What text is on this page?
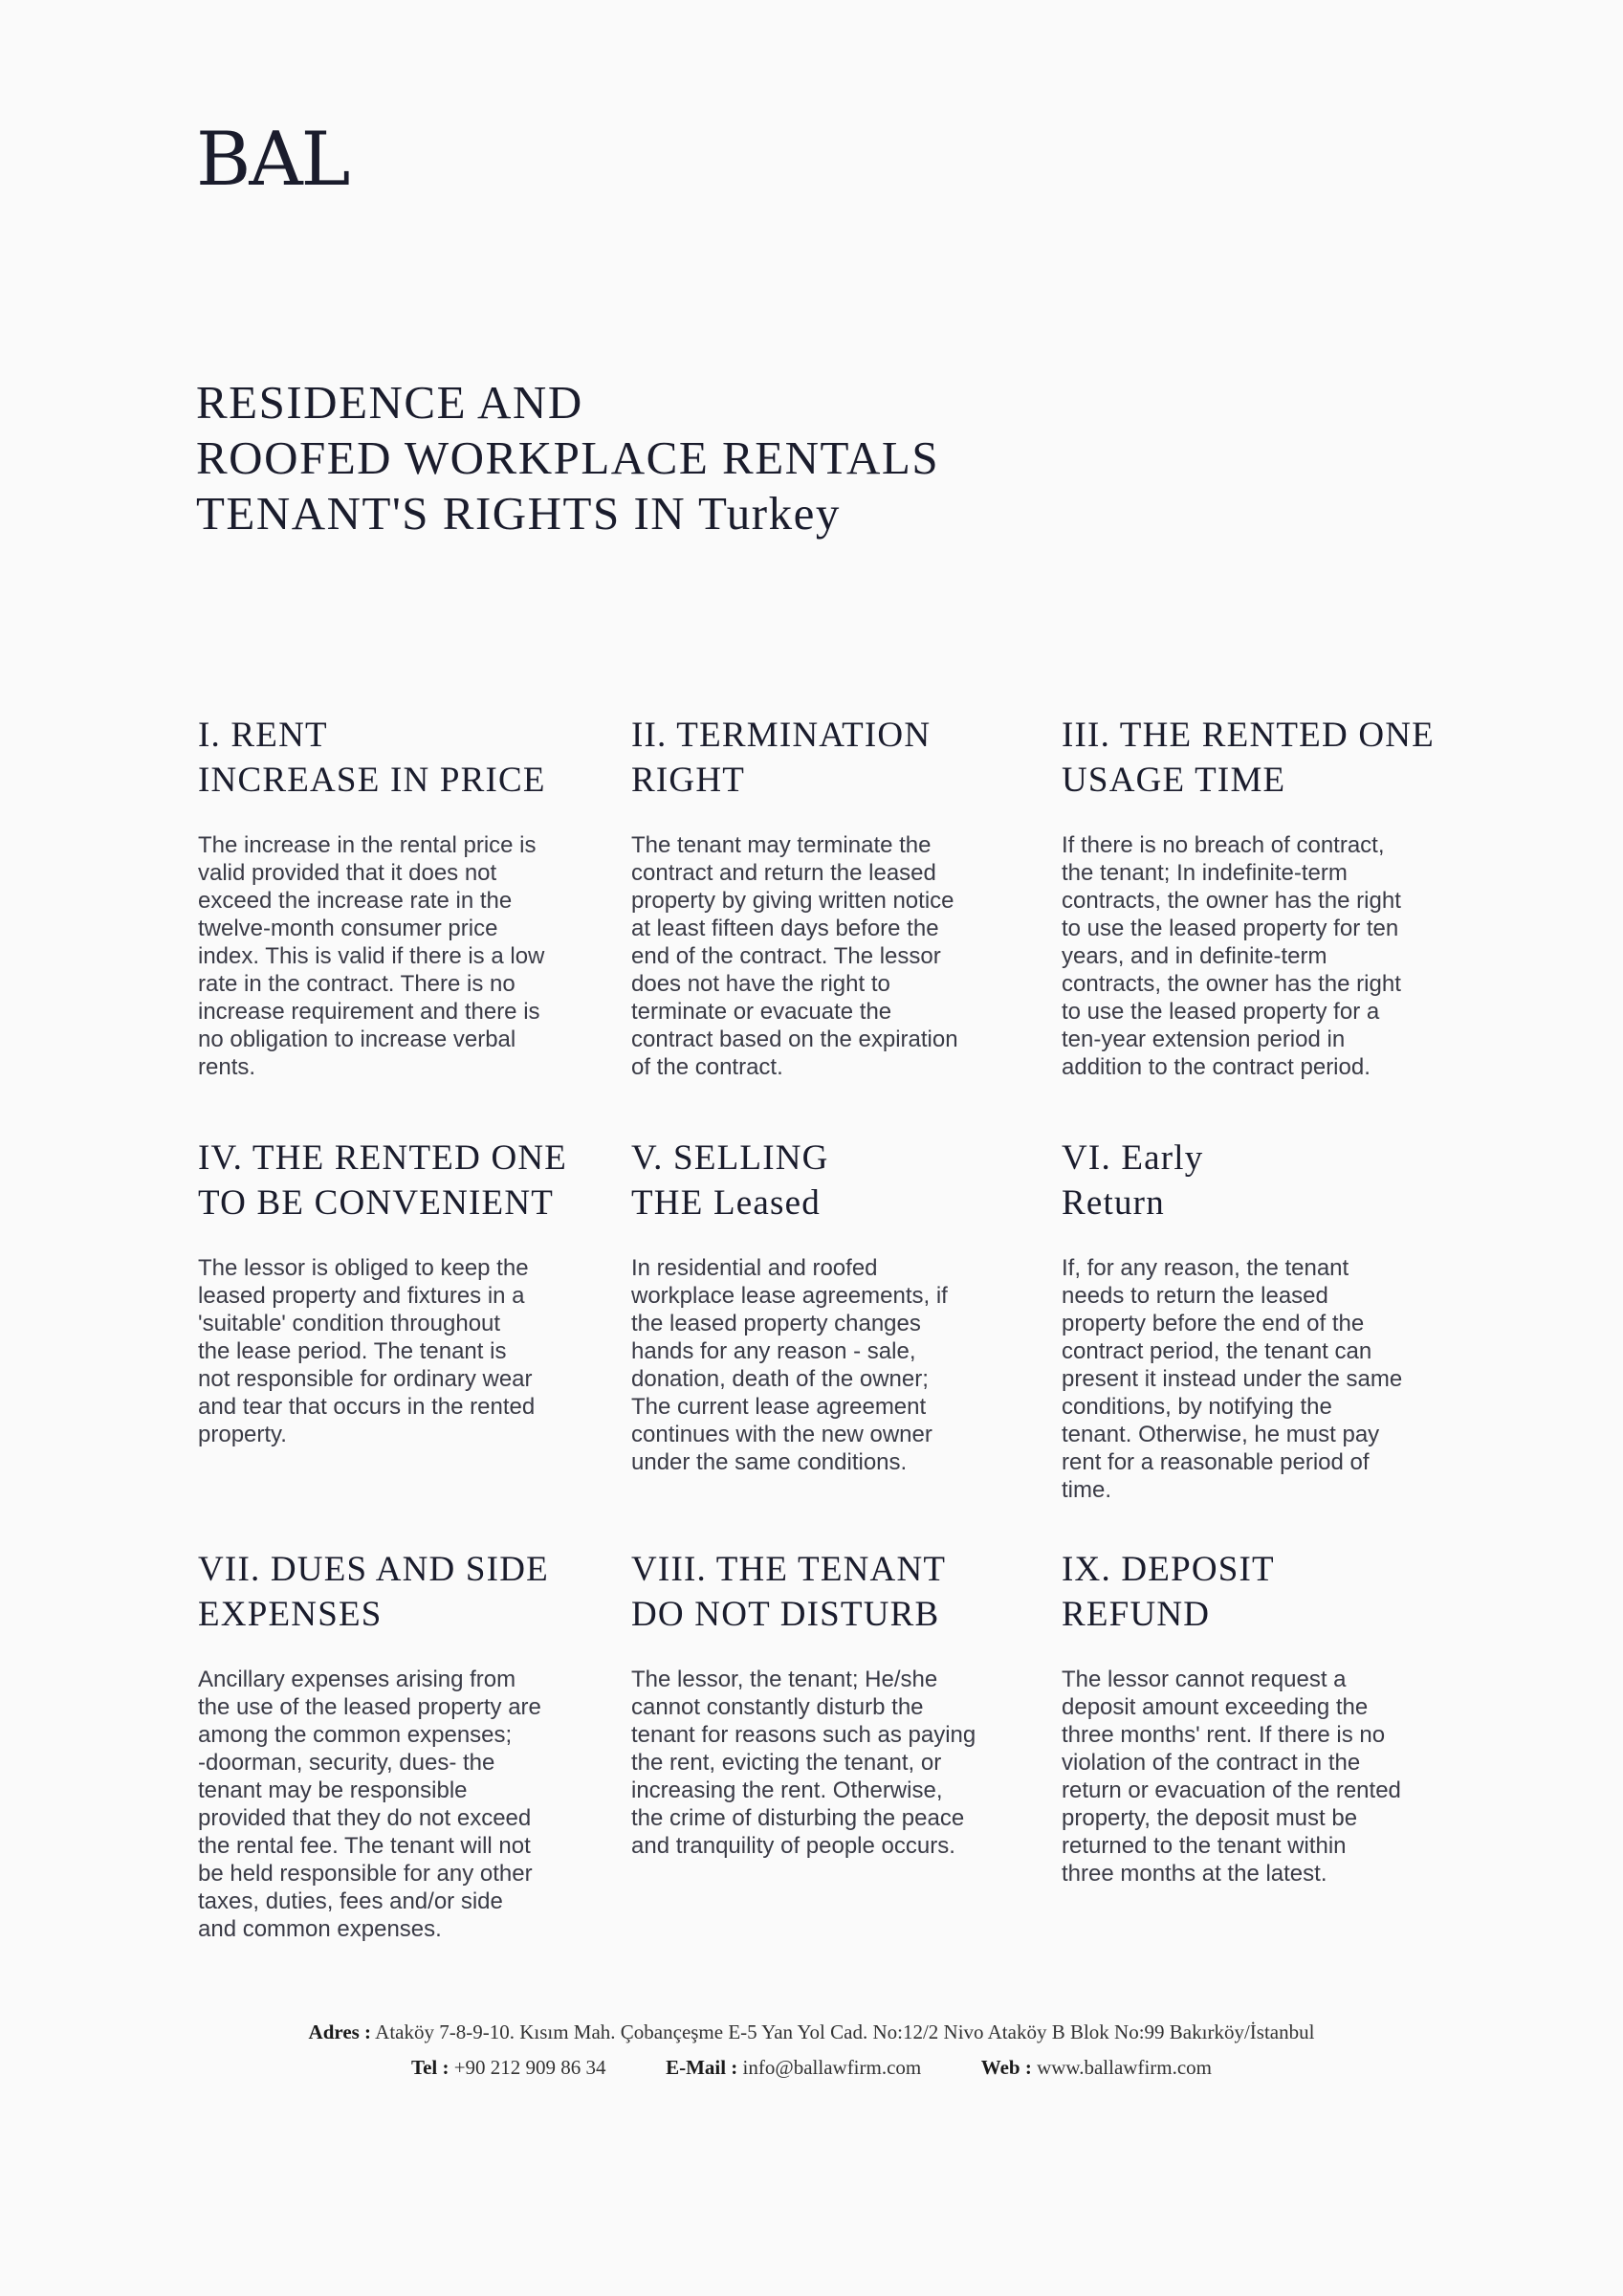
BAL
RESIDENCE AND
ROOFED WORKPLACE RENTALS
TENANT'S RIGHTS IN Turkey
I. RENT
INCREASE IN PRICE

The increase in the rental price is
valid provided that it does not
exceed the increase rate in the
twelve-month consumer price
index. This is valid if there is a low
rate in the contract. There is no
increase requirement and there is
no obligation to increase verbal
rents.

II. TERMINATION
RIGHT

The tenant may terminate the
contract and return the leased
property by giving written notice
at least fifteen days before the
end of the contract. The lessor
does not have the right to
terminate or evacuate the
contract based on the expiration
of the contract.

III. THE RENTED ONE
USAGE TIME

If there is no breach of contract,
the tenant; In indefinite-term
contracts, the owner has the right
to use the leased property for ten
years, and in definite-term
contracts, the owner has the right
to use the leased property for a
ten-year extension period in
addition to the contract period.

IV. THE RENTED ONE
TO BE CONVENIENT

The lessor is obliged to keep the
leased property and fixtures in a
'suitable' condition throughout
the lease period. The tenant is
not responsible for ordinary wear
and tear that occurs in the rented
property.

V. SELLING
THE Leased

In residential and roofed
workplace lease agreements, if
the leased property changes
hands for any reason - sale,
donation, death of the owner;
The current lease agreement
continues with the new owner
under the same conditions.

VI. Early
Return

If, for any reason, the tenant
needs to return the leased
property before the end of the
contract period, the tenant can
present it instead under the same
conditions, by notifying the
tenant. Otherwise, he must pay
rent for a reasonable period of
time.

VII. DUES AND SIDE
EXPENSES

Ancillary expenses arising from
the use of the leased property are
among the common expenses;
-doorman, security, dues- the
tenant may be responsible
provided that they do not exceed
the rental fee. The tenant will not
be held responsible for any other
taxes, duties, fees and/or side
and common expenses.

VIII. THE TENANT
DO NOT DISTURB

The lessor, the tenant; He/she
cannot constantly disturb the
tenant for reasons such as paying
the rent, evicting the tenant, or
increasing the rent. Otherwise,
the crime of disturbing the peace
and tranquility of people occurs.

IX. DEPOSIT
REFUND

The lessor cannot request a
deposit amount exceeding the
three months' rent. If there is no
violation of the contract in the
return or evacuation of the rented
property, the deposit must be
returned to the tenant within
three months at the latest.

Adres : Ataköy 7-8-9-10. Kısım Mah. Çobançeşme E-5 Yan Yol Cad. No:12/2 Nivo Ataköy B Blok No:99 Bakırköy/İstanbul
Tel : +90 212 909 86 34	E-Mail : info@ballawfirm.com	Web : www.ballawfirm.com
